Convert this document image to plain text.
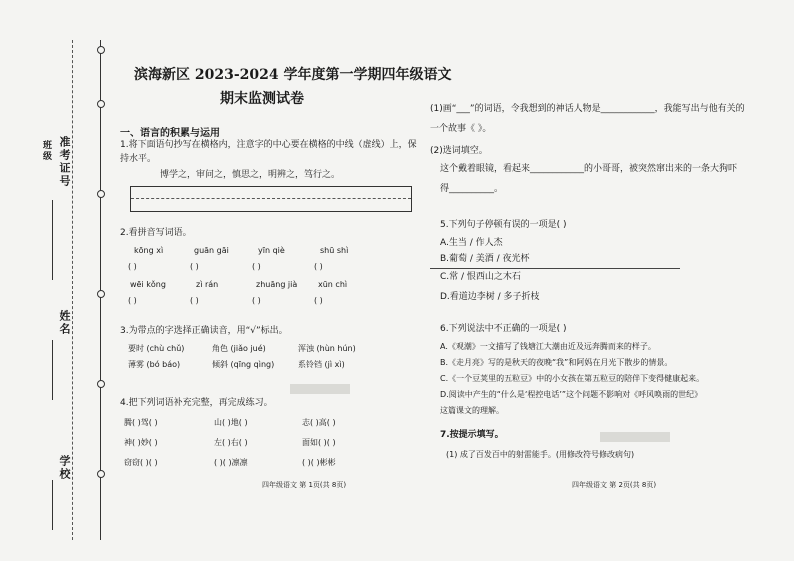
准考证号
姓名
学校
班级
滨海新区 2023-2024 学年度第一学期四年级语文
期末监测试卷
一、语言的积累与运用
1.将下面语句抄写在横格内，注意字的中心要在横格的中线（虚线）上，保
持水平。
博学之，审问之，慎思之，明辨之，笃行之。
2.看拼音写词语。
kōng xì	guān gāi	yīn qiè	shū shì
( )	( )	( )	( )
wēi kǒng	zì rán	zhuāng jià	xūn chì
( )	( )	( )	( )
3.为带点的字选择正确读音，用“√”标出。
要时 (chù chǔ)	角色 (jiǎo jué)	浑浊 (hùn hún)
薄雾 (bó báo)	倾斜 (qīng qìng)	系铃铛 (jì xì)
4.把下列词语补充完整，再完成练习。
腾( )驾( )	山( )地( )	志( )高( )
神( )妙( )	左( )右( )	面如( )( )
窃窃( )( )	( )( )凛凛	( )( )彬彬
四年级语文 第 1页(共 8页)
(1)画“___”的词语，令我想到的神话人物是____________，我能写出与他有关的
一个故事《 》。
(2)选词填空。
这个戴着眼镜，看起来____________的小哥哥，被突然窜出来的一条大狗吓
得__________。
5.下列句子停顿有误的一项是( )
A.生当 / 作人杰
B.葡萄 / 美酒 / 夜光杯
C.常 / 恨西山之木石
D.看道边李树 / 多子折枝
6.下列说法中不正确的一项是( )
A.《观潮》一文描写了钱塘江大潮由近及远奔腾而来的样子。
B.《走月亮》写的是秋天的夜晚“我”和阿妈在月光下散步的情景。
C.《一个豆荚里的五粒豆》中的小女孩在第五粒豆的陪伴下变得健康起来。
D.阅读中产生的“什么是‘程控电话’”这个问题不影响对《呼风唤雨的世纪》
这篇课文的理解。
7.按提示填写。
(1) 成了百发百中的射雷能手。(用修改符号修改病句)
四年级语文 第 2页(共 8页)
